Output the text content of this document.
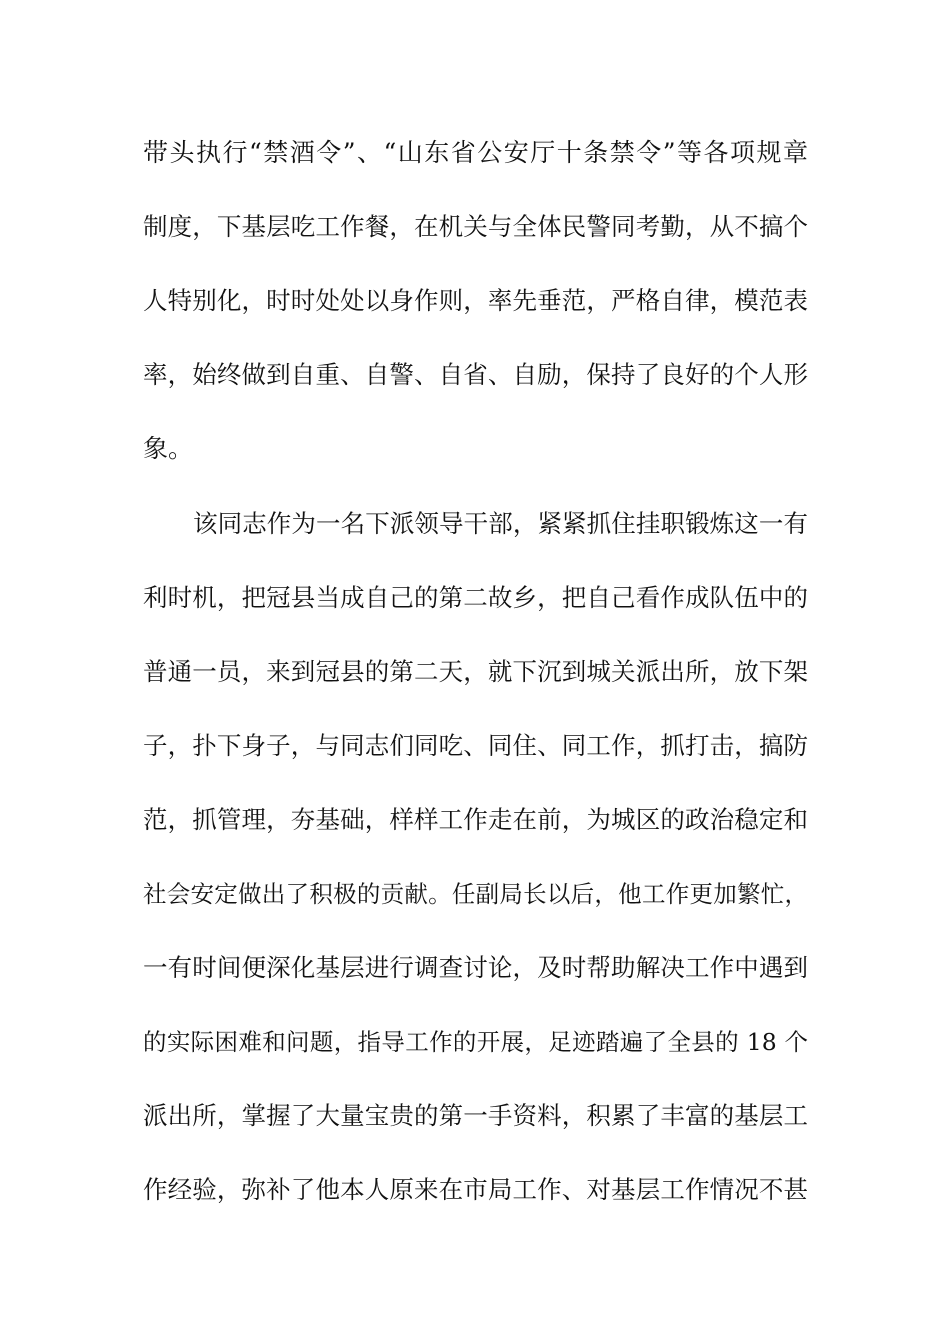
带头执行“禁酒令”、“山东省公安厅十条禁令”等各项规章
制度，下基层吃工作餐，在机关与全体民警同考勤，从不搞个
人特别化，时时处处以身作则，率先垂范，严格自律，模范表
率，始终做到自重、自警、自省、自励，保持了良好的个人形
象。
该同志作为一名下派领导干部，紧紧抓住挂职锻炼这一有
利时机，把冠县当成自己的第二故乡，把自己看作成队伍中的
普通一员，来到冠县的第二天，就下沉到城关派出所，放下架
子，扑下身子，与同志们同吃、同住、同工作，抓打击，搞防
范，抓管理，夯基础，样样工作走在前，为城区的政治稳定和
社会安定做出了积极的贡献。任副局长以后，他工作更加繁忙，
一有时间便深化基层进行调查讨论，及时帮助解决工作中遇到
的实际困难和问题，指导工作的开展，足迹踏遍了全县的 18 个
派出所，掌握了大量宝贵的第一手资料，积累了丰富的基层工
作经验，弥补了他本人原来在市局工作、对基层工作情况不甚
